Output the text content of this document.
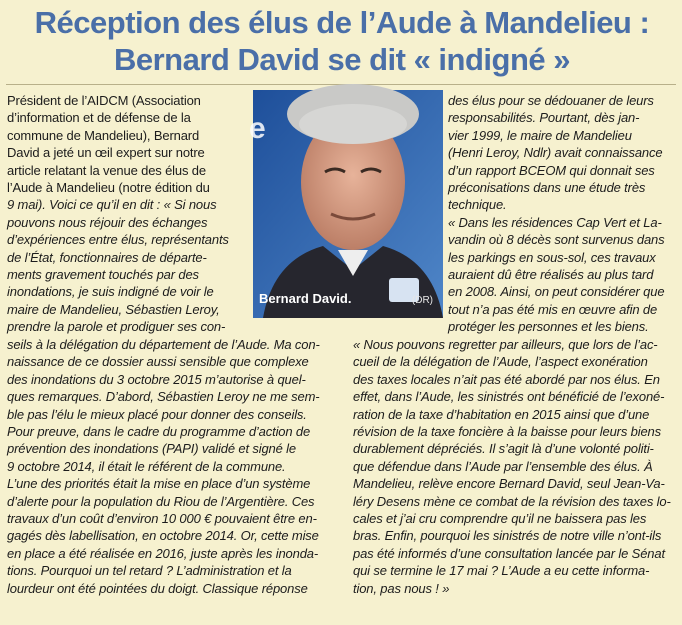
Réception des élus de l’Aude à Mandelieu :
Bernard David se dit « indigné »
Président de l’AIDCM (Association
d’information et de défense de la
commune de Mandelieu), Bernard
David a jeté un œil expert sur notre
article relatant la venue des élus de
l’Aude à Mandelieu (notre édition du
9 mai). Voici ce qu’il en dit : « Si nous
pouvons nous réjouir des échanges
d’expériences entre élus, représentants
de l’État, fonctionnaires de départe-
ments gravement touchés par des
inondations, je suis indigné de voir le
maire de Mandelieu, Sébastien Leroy,
prendre la parole et prodiguer ses con-
e
Bernard David.	(DR)
des élus pour se dédouaner de leurs
responsabilités. Pourtant, dès jan-
vier 1999, le maire de Mandelieu
(Henri Leroy, Ndlr) avait connaissance
d’un rapport BCEOM qui donnait ses
préconisations dans une étude très
technique.
« Dans les résidences Cap Vert et La-
vandin où 8 décès sont survenus dans
les parkings en sous-sol, ces travaux
auraient dû être réalisés au plus tard
en 2008. Ainsi, on peut considérer que
tout n’a pas été mis en œuvre afin de
protéger les personnes et les biens.
seils à la délégation du département de l’Aude. Ma con-
naissance de ce dossier aussi sensible que complexe
des inondations du 3 octobre 2015 m’autorise à quel-
ques remarques. D’abord, Sébastien Leroy ne me sem-
ble pas l’élu le mieux placé pour donner des conseils.
Pour preuve, dans le cadre du programme d’action de
prévention des inondations (PAPI) validé et signé le
9 octobre 2014, il était le référent de la commune.
L’une des priorités était la mise en place d’un système
d’alerte pour la population du Riou de l’Argentière. Ces
travaux d’un coût d’environ 10 000 € pouvaient être en-
gagés dès labellisation, en octobre 2014. Or, cette mise
en place a été réalisée en 2016, juste après les inonda-
tions. Pourquoi un tel retard ? L’administration et la
lourdeur ont été pointées du doigt. Classique réponse
« Nous pouvons regretter par ailleurs, que lors de l’ac-
cueil de la délégation de l’Aude, l’aspect exonération
des taxes locales n’ait pas été abordé par nos élus. En
effet, dans l’Aude, les sinistrés ont bénéficié de l’exoné-
ration de la taxe d’habitation en 2015 ainsi que d’une
révision de la taxe foncière à la baisse pour leurs biens
durablement dépréciés. Il s’agit là d’une volonté politi-
que défendue dans l’Aude par l’ensemble des élus. À
Mandelieu, relève encore Bernard David, seul Jean-Va-
léry Desens mène ce combat de la révision des taxes lo-
cales et j’ai cru comprendre qu’il ne baissera pas les
bras. Enfin, pourquoi les sinistrés de notre ville n’ont-ils
pas été informés d’une consultation lancée par le Sénat
qui se termine le 17 mai ? L’Aude a eu cette informa-
tion, pas nous ! »
